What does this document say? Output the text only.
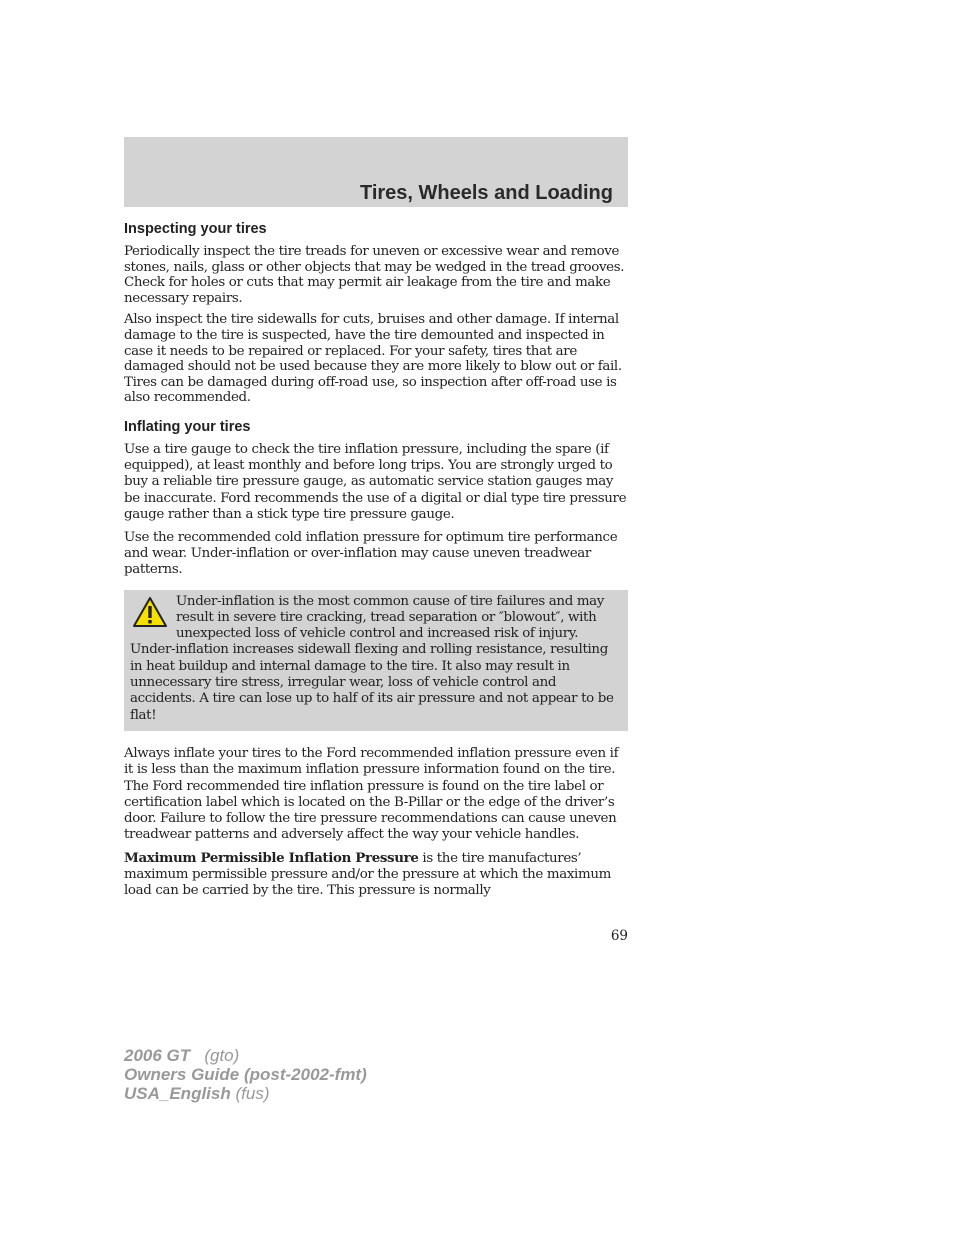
Tires, Wheels and Loading
Inspecting your tires

Periodically inspect the tire treads for uneven or excessive wear and remove stones, nails, glass or other objects that may be wedged in the tread grooves. Check for holes or cuts that may permit air leakage from the tire and make necessary repairs.

Also inspect the tire sidewalls for cuts, bruises and other damage. If internal damage to the tire is suspected, have the tire demounted and inspected in case it needs to be repaired or replaced. For your safety, tires that are damaged should not be used because they are more likely to blow out or fail. Tires can be damaged during off-road use, so inspection after off-road use is also recommended.

Inflating your tires

Use a tire gauge to check the tire inflation pressure, including the spare (if equipped), at least monthly and before long trips. You are strongly urged to buy a reliable tire pressure gauge, as automatic service station gauges may be inaccurate. Ford recommends the use of a digital or dial type tire pressure gauge rather than a stick type tire pressure gauge.

Use the recommended cold inflation pressure for optimum tire performance and wear. Under-inflation or over-inflation may cause uneven treadwear patterns.

Under-inflation is the most common cause of tire failures and may result in severe tire cracking, tread separation or ″blowout″, with unexpected loss of vehicle control and increased risk of injury. Under-inflation increases sidewall flexing and rolling resistance, resulting in heat buildup and internal damage to the tire. It also may result in unnecessary tire stress, irregular wear, loss of vehicle control and accidents. A tire can lose up to half of its air pressure and not appear to be flat!

Always inflate your tires to the Ford recommended inflation pressure even if it is less than the maximum inflation pressure information found on the tire. The Ford recommended tire inflation pressure is found on the tire label or certification label which is located on the B-Pillar or the edge of the driver’s door. Failure to follow the tire pressure recommendations can cause uneven treadwear patterns and adversely affect the way your vehicle handles.

Maximum Permissible Inflation Pressure is the tire manufactures’ maximum permissible pressure and/or the pressure at which the maximum load can be carried by the tire. This pressure is normally

69
2006 GT (gto)
Owners Guide (post-2002-fmt)
USA_English (fus)
